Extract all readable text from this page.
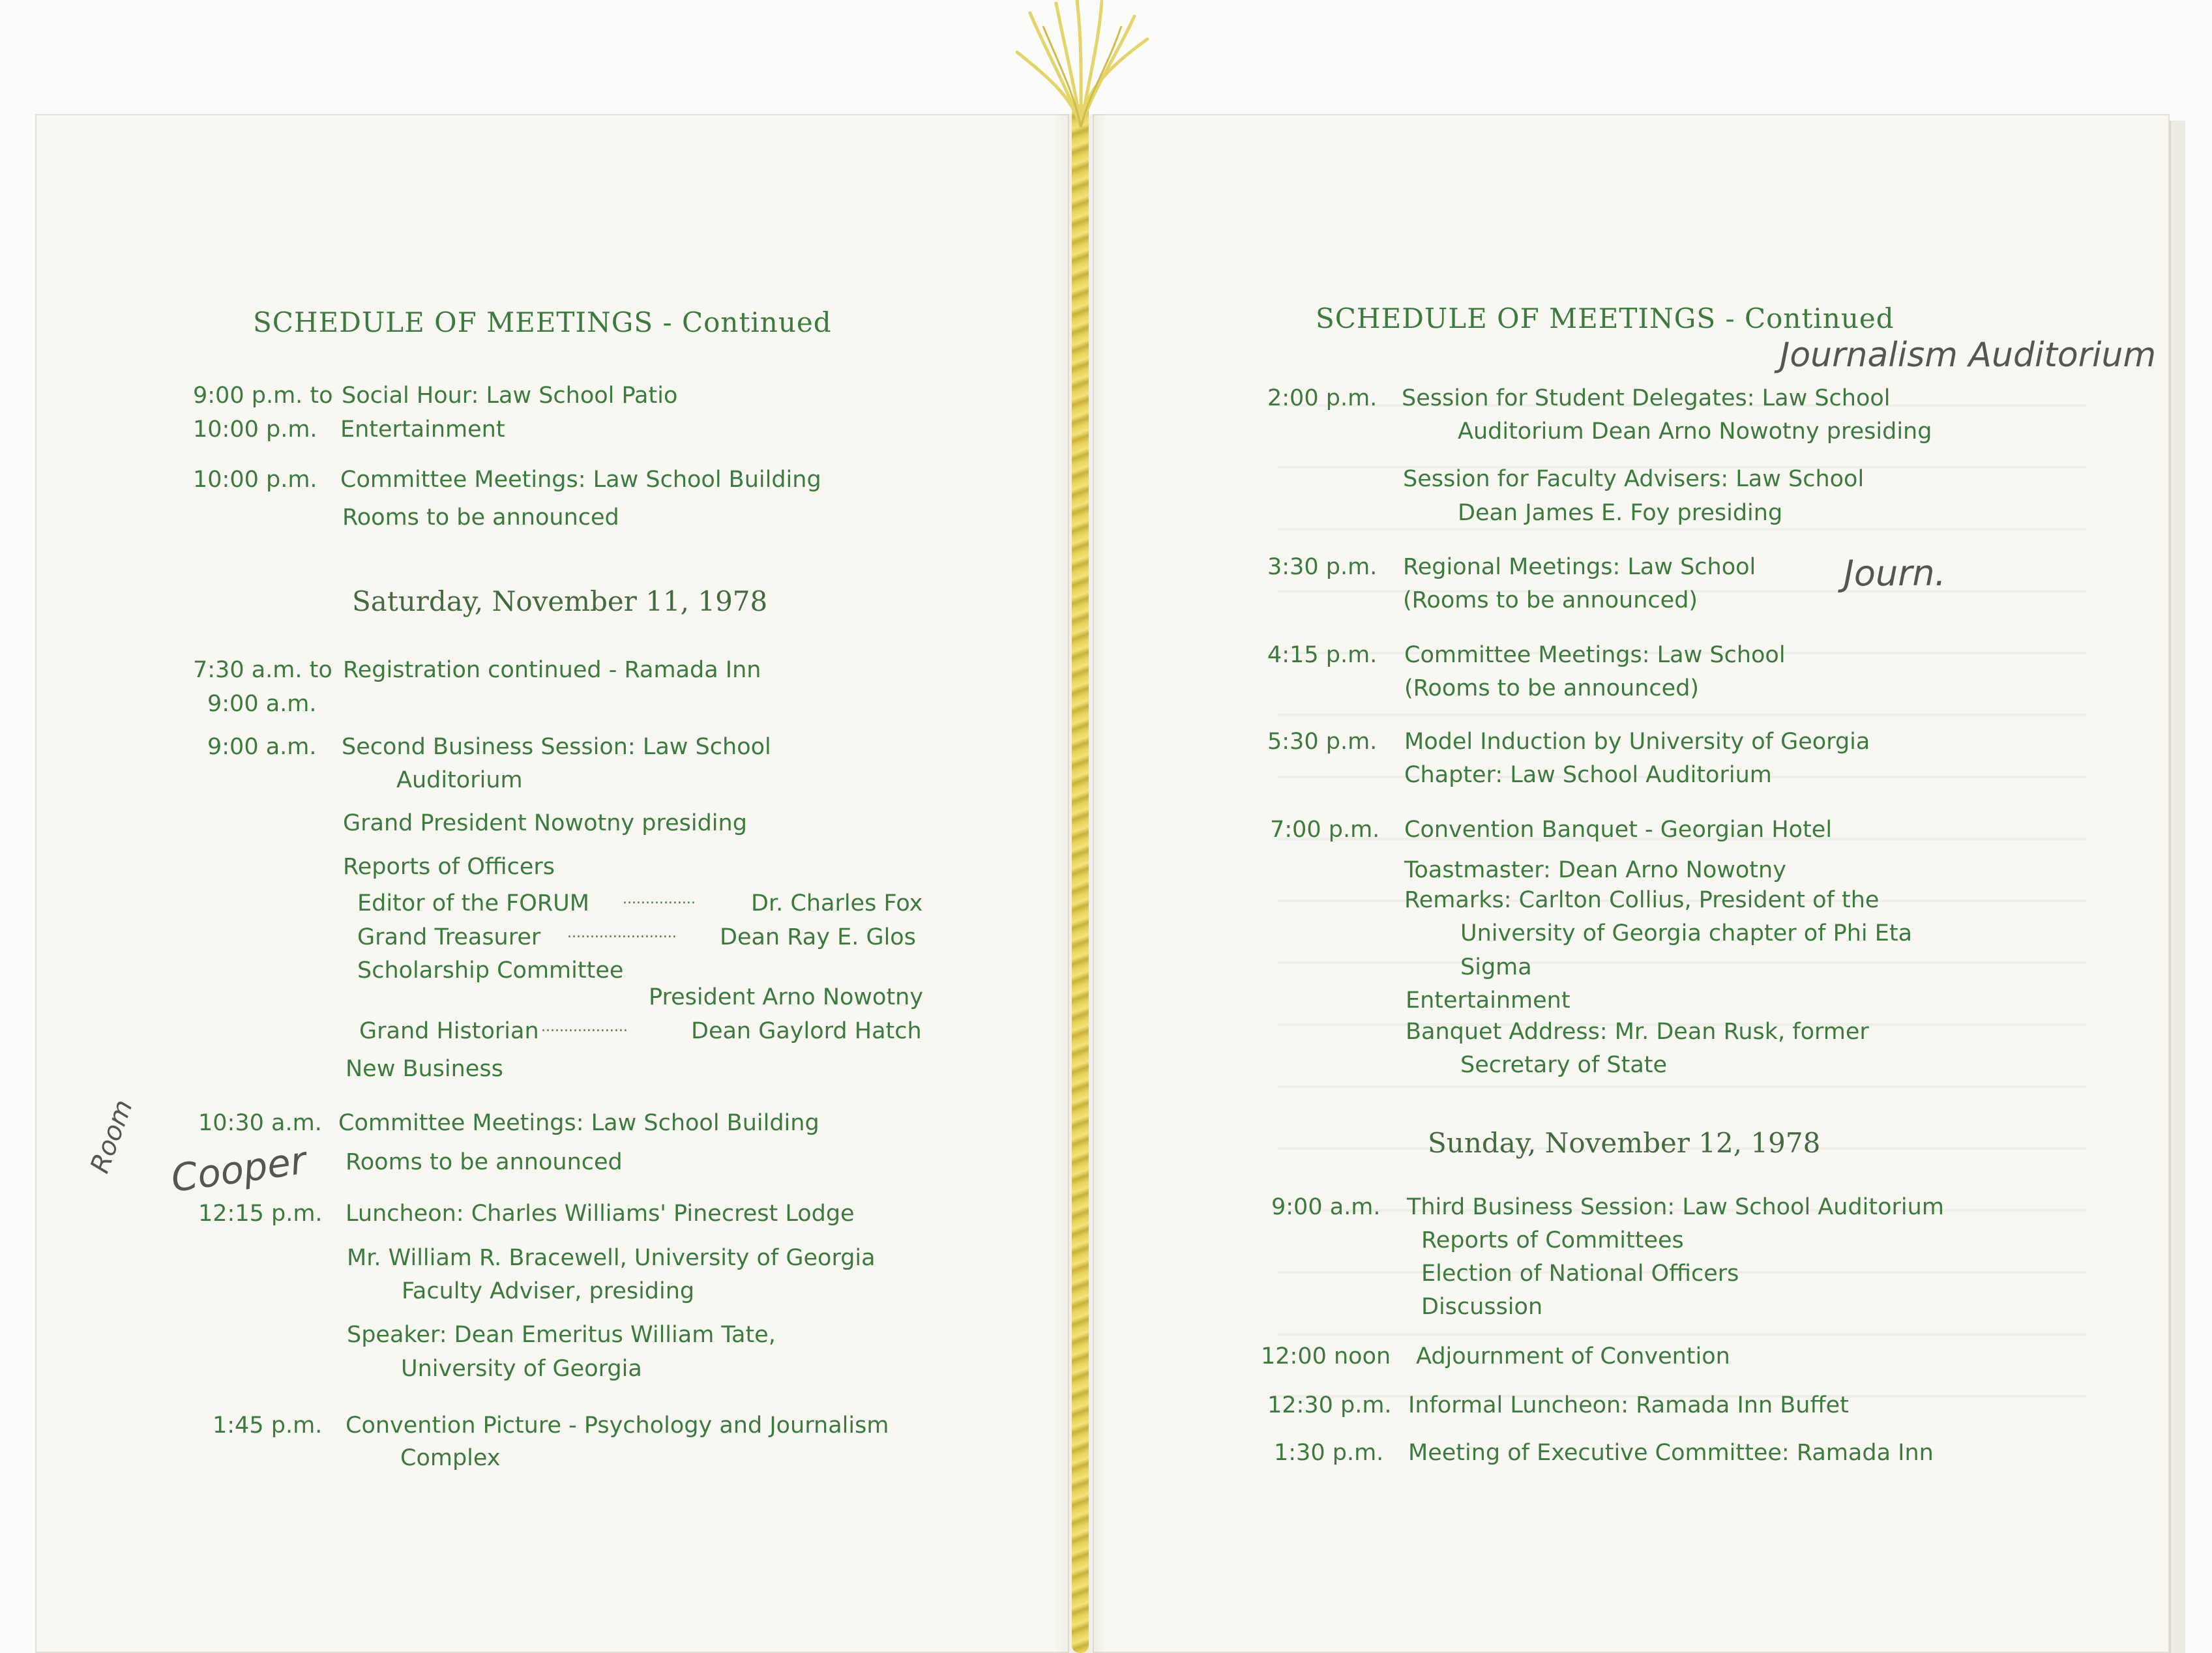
SCHEDULE OF MEETINGS - Continued
9:00 p.m. to Social Hour: Law School Patio
10:00 p.m. Entertainment
10:00 p.m. Committee Meetings: Law School Building
Rooms to be announced
Saturday, November 11, 1978
7:30 a.m. to Registration continued - Ramada Inn
9:00 a.m.
9:00 a.m. Second Business Session: Law School
Auditorium
Grand President Nowotny presiding
Reports of Officers
Editor of the FORUM ................ Dr. Charles Fox
Grand Treasurer ........................ Dean Ray E. Glos
Scholarship Committee
President Arno Nowotny
Grand Historian ...................	Dean Gaylord Hatch
New Business
10:30 a.m. Committee Meetings: Law School Building
Rooms to be announced
12:15 p.m. Luncheon: Charles Williams' Pinecrest Lodge
Mr. William R. Bracewell, University of Georgia
Faculty Adviser, presiding
Speaker: Dean Emeritus William Tate,
University of Georgia
1:45 p.m. Convention Picture - Psychology and Journalism
Complex
Room Cooper
SCHEDULE OF MEETINGS - Continued
Journalism Auditorium
2:00 p.m. Session for Student Delegates: Law School
Auditorium Dean Arno Nowotny presiding
Session for Faculty Advisers: Law School
Dean James E. Foy presiding
3:30 p.m. Regional Meetings: Law School
(Rooms to be announced)
Journ.
4:15 p.m. Committee Meetings: Law School
(Rooms to be announced)
5:30 p.m. Model Induction by University of Georgia
Chapter: Law School Auditorium
7:00 p.m. Convention Banquet - Georgian Hotel
Toastmaster: Dean Arno Nowotny
Remarks: Carlton Collius, President of the
University of Georgia chapter of Phi Eta
Sigma
Entertainment
Banquet Address: Mr. Dean Rusk, former
Secretary of State
Sunday, November 12, 1978
9:00 a.m. Third Business Session: Law School Auditorium
Reports of Committees
Election of National Officers
Discussion
12:00 noon Adjournment of Convention
12:30 p.m. Informal Luncheon: Ramada Inn Buffet
1:30 p.m. Meeting of Executive Committee: Ramada Inn
